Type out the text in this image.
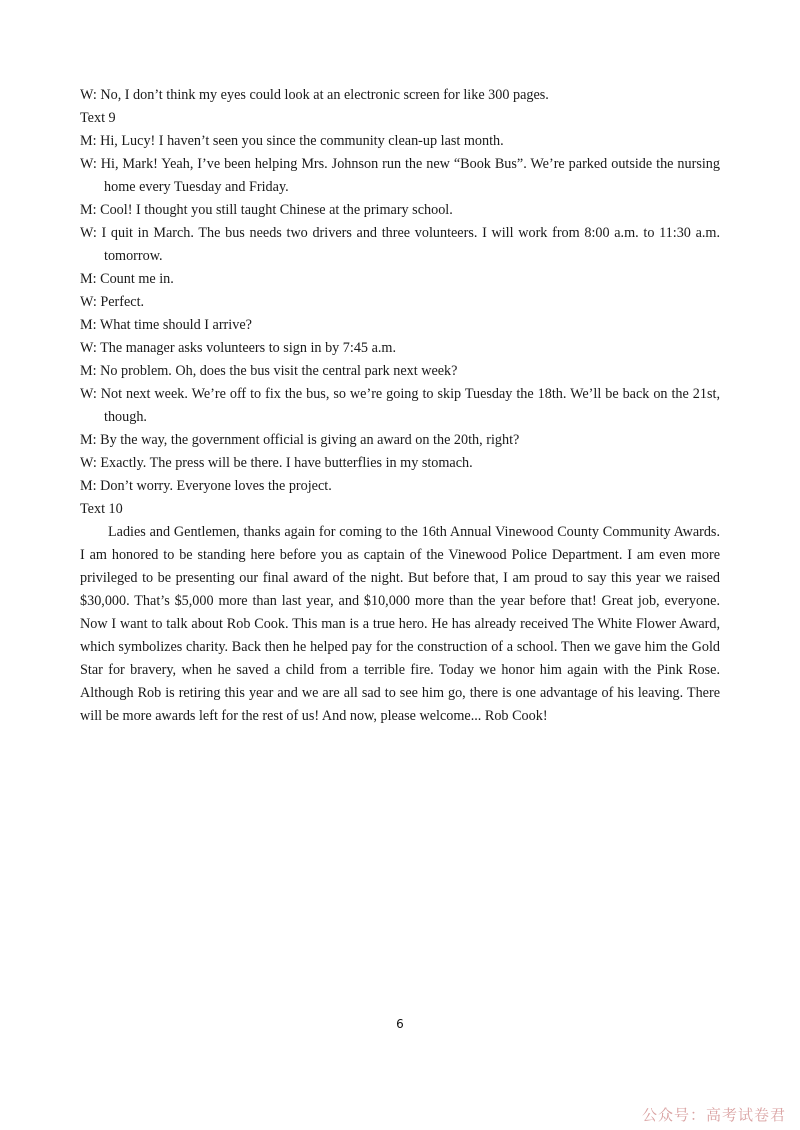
W: No, I don’t think my eyes could look at an electronic screen for like 300 pages.

Text 9

M: Hi, Lucy! I haven’t seen you since the community clean-up last month.

W: Hi, Mark! Yeah, I’ve been helping Mrs. Johnson run the new “Book Bus”. We’re parked outside the nursing home every Tuesday and Friday.

M: Cool! I thought you still taught Chinese at the primary school.

W: I quit in March. The bus needs two drivers and three volunteers. I will work from 8:00 a.m. to 11:30 a.m. tomorrow.

M: Count me in.

W: Perfect.

M: What time should I arrive?

W: The manager asks volunteers to sign in by 7:45 a.m.

M: No problem. Oh, does the bus visit the central park next week?

W: Not next week. We’re off to fix the bus, so we’re going to skip Tuesday the 18th. We’ll be back on the 21st, though.

M: By the way, the government official is giving an award on the 20th, right?

W: Exactly. The press will be there. I have butterflies in my stomach.

M: Don’t worry. Everyone loves the project.

Text 10

Ladies and Gentlemen, thanks again for coming to the 16th Annual Vinewood County Community Awards. I am honored to be standing here before you as captain of the Vinewood Police Department. I am even more privileged to be presenting our final award of the night. But before that, I am proud to say this year we raised $30,000. That’s $5,000 more than last year, and $10,000 more than the year before that! Great job, everyone. Now I want to talk about Rob Cook. This man is a true hero. He has already received The White Flower Award, which symbolizes charity. Back then he helped pay for the construction of a school. Then we gave him the Gold Star for bravery, when he saved a child from a terrible fire. Today we honor him again with the Pink Rose. Although Rob is retiring this year and we are all sad to see him go, there is one advantage of his leaving. There will be more awards left for the rest of us! And now, please welcome... Rob Cook!

6
公众号：高考试卷君
